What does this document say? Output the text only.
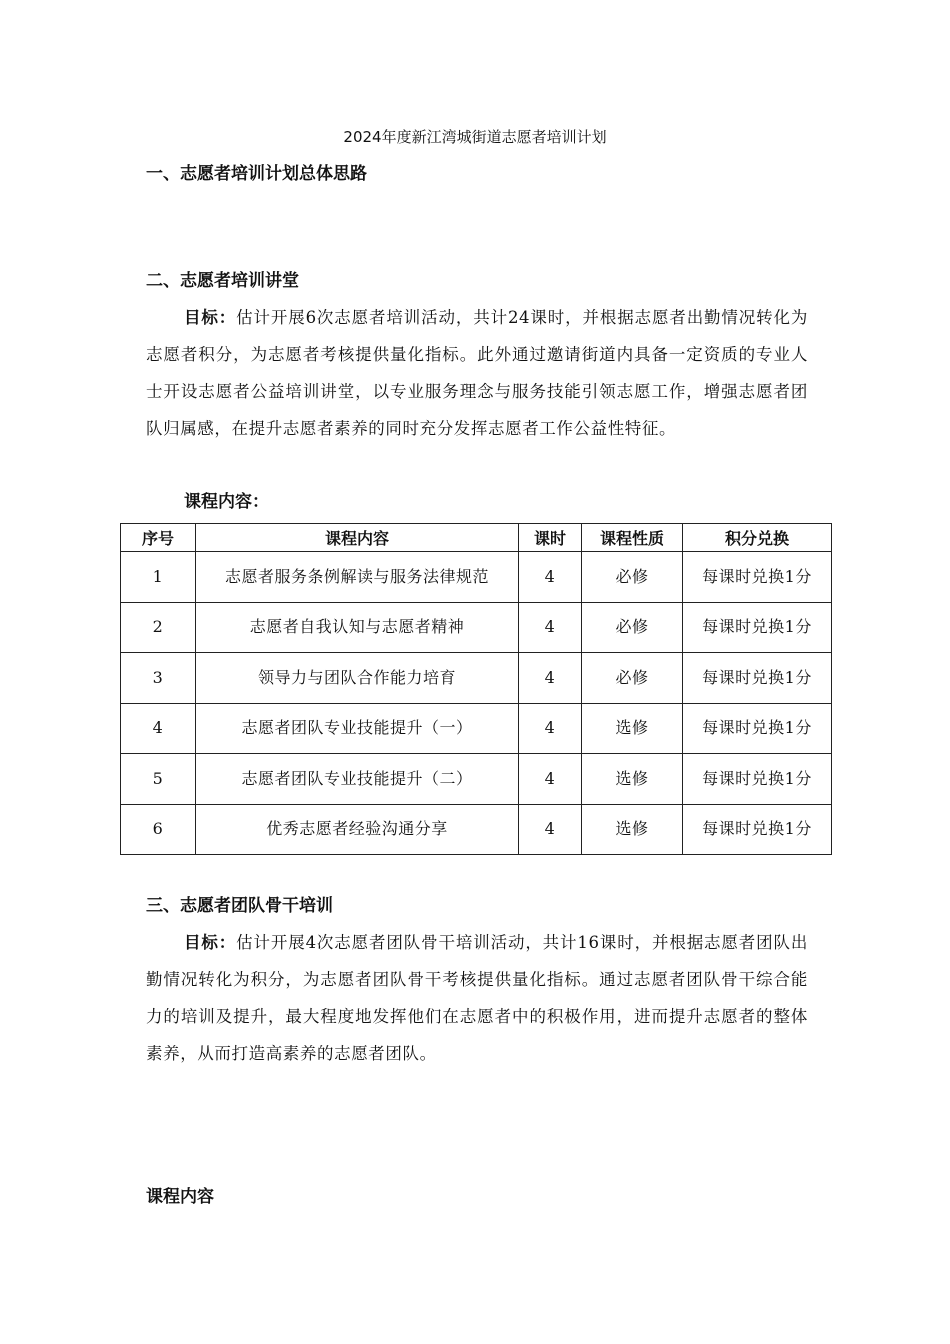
2024年度新江湾城街道志愿者培训计划
一、志愿者培训计划总体思路
二、志愿者培训讲堂
目标：估计开展6次志愿者培训活动，共计24课时，并根据志愿者出勤情况转化为志愿者积分，为志愿者考核提供量化指标。此外通过邀请街道内具备一定资质的专业人士开设志愿者公益培训讲堂，以专业服务理念与服务技能引领志愿工作，增强志愿者团队归属感，在提升志愿者素养的同时充分发挥志愿者工作公益性特征。
课程内容：
序号	课程内容	课时	课程性质	积分兑换
1	志愿者服务条例解读与服务法律规范	4	必修	每课时兑换1分
2	志愿者自我认知与志愿者精神	4	必修	每课时兑换1分
3	领导力与团队合作能力培育	4	必修	每课时兑换1分
4	志愿者团队专业技能提升（一）	4	选修	每课时兑换1分
5	志愿者团队专业技能提升（二）	4	选修	每课时兑换1分
6	优秀志愿者经验沟通分享	4	选修	每课时兑换1分
三、志愿者团队骨干培训
目标：估计开展4次志愿者团队骨干培训活动，共计16课时，并根据志愿者团队出勤情况转化为积分，为志愿者团队骨干考核提供量化指标。通过志愿者团队骨干综合能力的培训及提升，最大程度地发挥他们在志愿者中的积极作用，进而提升志愿者的整体素养，从而打造高素养的志愿者团队。
课程内容
